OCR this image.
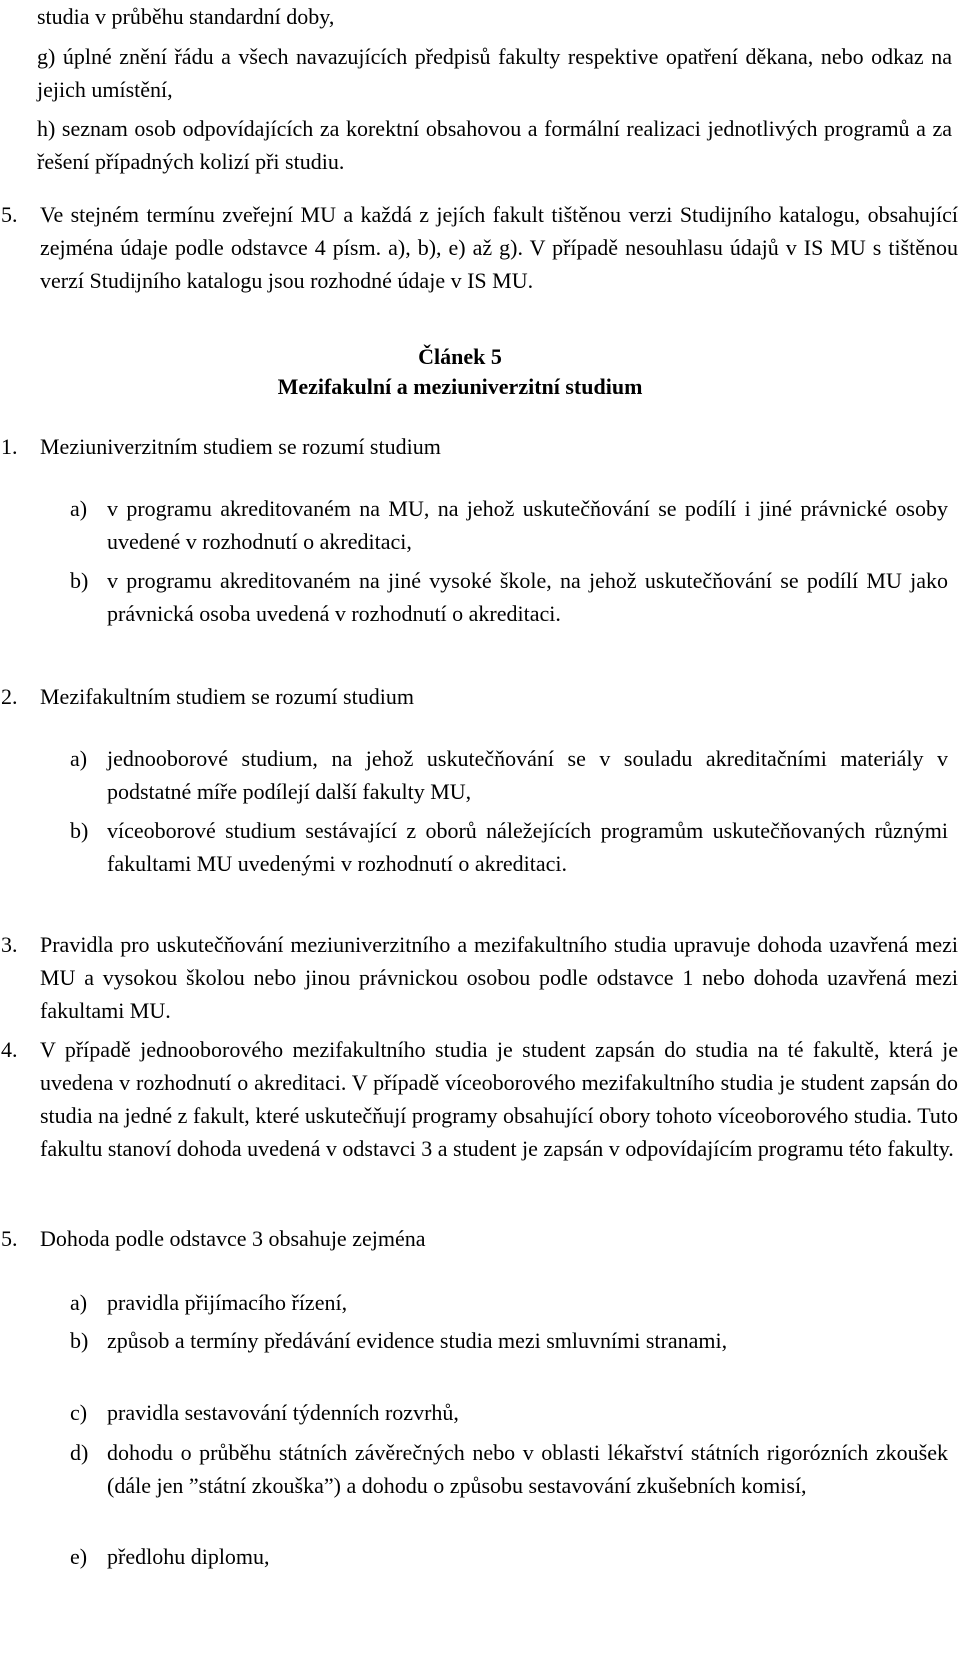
studia v průběhu standardní doby,
g) úplné znění řádu a všech navazujících předpisů fakulty respektive opatření děkana, nebo odkaz na jejich umístění,
h) seznam osob odpovídajících za korektní obsahovou a formální realizaci jednotlivých programů a za řešení případných kolizí při studiu.
5.	Ve stejném termínu zveřejní MU a každá z jejích fakult tištěnou verzi Studijního katalogu, obsahující zejména údaje podle odstavce 4 písm. a), b), e) až g). V případě nesouhlasu údajů v IS MU s tištěnou verzí Studijního katalogu jsou rozhodné údaje v IS MU.
Článek 5
Mezifakulní a meziuniverzitní studium
1.	Meziuniverzitním studiem se rozumí studium
a) v programu akreditovaném na MU, na jehož uskutečňování se podílí i jiné právnické osoby uvedené v rozhodnutí o akreditaci,
b) v programu akreditovaném na jiné vysoké škole, na jehož uskutečňování se podílí MU jako právnická osoba uvedená v rozhodnutí o akreditaci.
2.	Mezifakultním studiem se rozumí studium
a) jednooborové studium, na jehož uskutečňování se v souladu akreditačními materiály v podstatné míře podílejí další fakulty MU,
b) víceoborové studium sestávající z oborů náležejících programům uskutečňovaných různými fakultami MU uvedenými v rozhodnutí o akreditaci.
3.	Pravidla pro uskutečňování meziuniverzitního a mezifakultního studia upravuje dohoda uzavřená mezi MU a vysokou školou nebo jinou právnickou osobou podle odstavce 1 nebo dohoda uzavřená mezi fakultami MU.
4.	V případě jednooborového mezifakultního studia je student zapsán do studia na té fakultě, která je uvedena v rozhodnutí o akreditaci. V případě víceoborového mezifakultního studia je student zapsán do studia na jedné z fakult, které uskutečňují programy obsahující obory tohoto víceoborového studia. Tuto fakultu stanoví dohoda uvedená v odstavci 3 a student je zapsán v odpovídajícím programu této fakulty.
5.	Dohoda podle odstavce 3 obsahuje zejména
a) pravidla přijímacího řízení,
b) způsob a termíny předávání evidence studia mezi smluvními stranami,
c) pravidla sestavování týdenních rozvrhů,
d) dohodu o průběhu státních závěrečných nebo v oblasti lékařství státních rigorózních zkoušek (dále jen ”státní zkouška”) a dohodu o způsobu sestavování zkušebních komisí,
e) předlohu diplomu,
